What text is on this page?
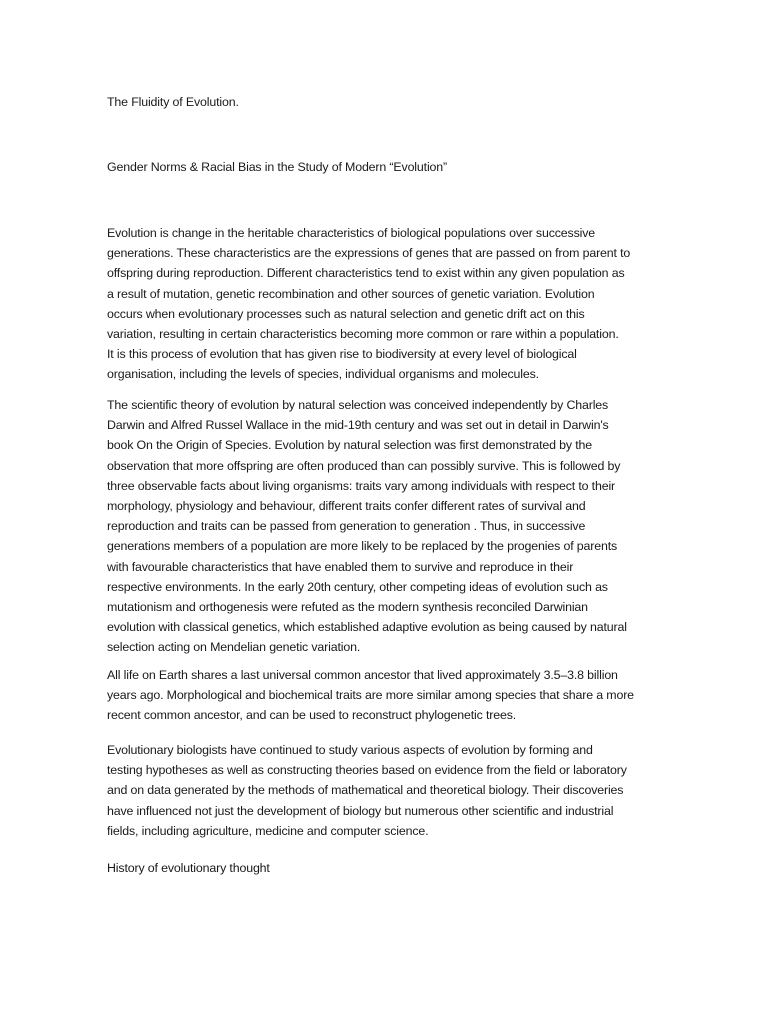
The Fluidity of Evolution.
Gender Norms & Racial Bias in the Study of Modern “Evolution”
Evolution is change in the heritable characteristics of biological populations over successive
generations. These characteristics are the expressions of genes that are passed on from parent to
offspring during reproduction. Different characteristics tend to exist within any given population as
a result of mutation, genetic recombination and other sources of genetic variation. Evolution
occurs when evolutionary processes such as natural selection and genetic drift act on this
variation, resulting in certain characteristics becoming more common or rare within a population.
It is this process of evolution that has given rise to biodiversity at every level of biological
organisation, including the levels of species, individual organisms and molecules.
The scientific theory of evolution by natural selection was conceived independently by Charles
Darwin and Alfred Russel Wallace in the mid-19th century and was set out in detail in Darwin's
book On the Origin of Species. Evolution by natural selection was first demonstrated by the
observation that more offspring are often produced than can possibly survive. This is followed by
three observable facts about living organisms: traits vary among individuals with respect to their
morphology, physiology and behaviour, different traits confer different rates of survival and
reproduction and traits can be passed from generation to generation . Thus, in successive
generations members of a population are more likely to be replaced by the progenies of parents
with favourable characteristics that have enabled them to survive and reproduce in their
respective environments. In the early 20th century, other competing ideas of evolution such as
mutationism and orthogenesis were refuted as the modern synthesis reconciled Darwinian
evolution with classical genetics, which established adaptive evolution as being caused by natural
selection acting on Mendelian genetic variation.
All life on Earth shares a last universal common ancestor that lived approximately 3.5–3.8 billion
years ago. Morphological and biochemical traits are more similar among species that share a more
recent common ancestor, and can be used to reconstruct phylogenetic trees.
Evolutionary biologists have continued to study various aspects of evolution by forming and
testing hypotheses as well as constructing theories based on evidence from the field or laboratory
and on data generated by the methods of mathematical and theoretical biology. Their discoveries
have influenced not just the development of biology but numerous other scientific and industrial
fields, including agriculture, medicine and computer science.
History of evolutionary thought
